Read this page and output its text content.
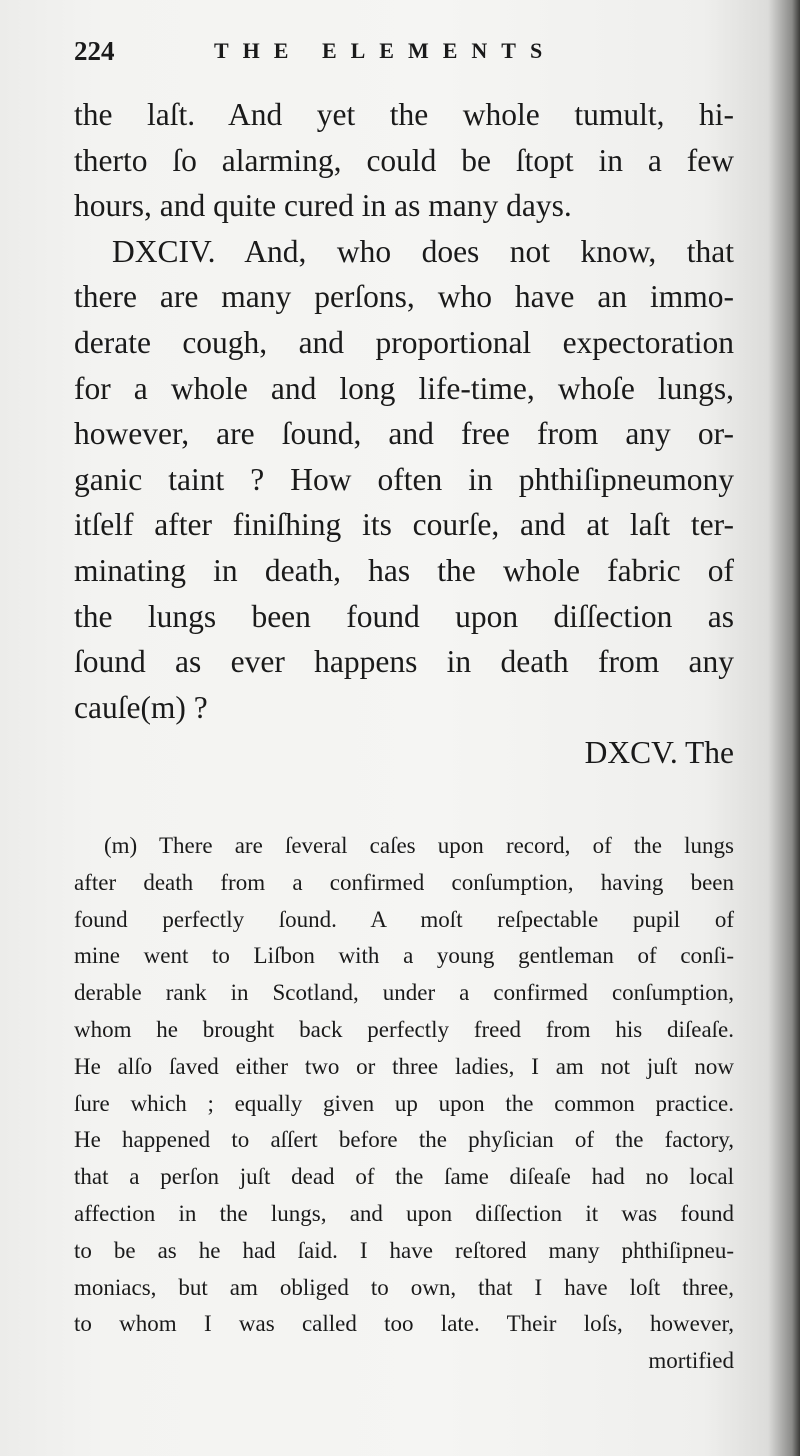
224	THE ELEMENTS
the laſt. And yet the whole tumult, hi-
therto ſo alarming, could be ſtopt in a few
hours, and quite cured in as many days.
DXCIV. And, who does not know, that
there are many perſons, who have an immo-
derate cough, and proportional expectoration
for a whole and long life-time, whoſe lungs,
however, are ſound, and free from any or-
ganic taint ? How often in phthiſipneumony
itſelf after finiſhing its courſe, and at laſt ter-
minating in death, has the whole fabric of
the lungs been found upon diſſection as
ſound as ever happens in death from any
cauſe(m) ?
DXCV. The
(m) There are ſeveral caſes upon record, of the lungs
after death from a confirmed conſumption, having been
found perfectly ſound. A moſt reſpectable pupil of
mine went to Liſbon with a young gentleman of conſi-
derable rank in Scotland, under a confirmed conſumption,
whom he brought back perfectly freed from his diſeaſe.
He alſo ſaved either two or three ladies, I am not juſt now
ſure which ; equally given up upon the common practice.
He happened to aſſert before the phyſician of the factory,
that a perſon juſt dead of the ſame diſeaſe had no local
affection in the lungs, and upon diſſection it was found
to be as he had ſaid. I have reſtored many phthiſipneu-
moniacs, but am obliged to own, that I have loſt three,
to whom I was called too late. Their loſs, however,
mortified
